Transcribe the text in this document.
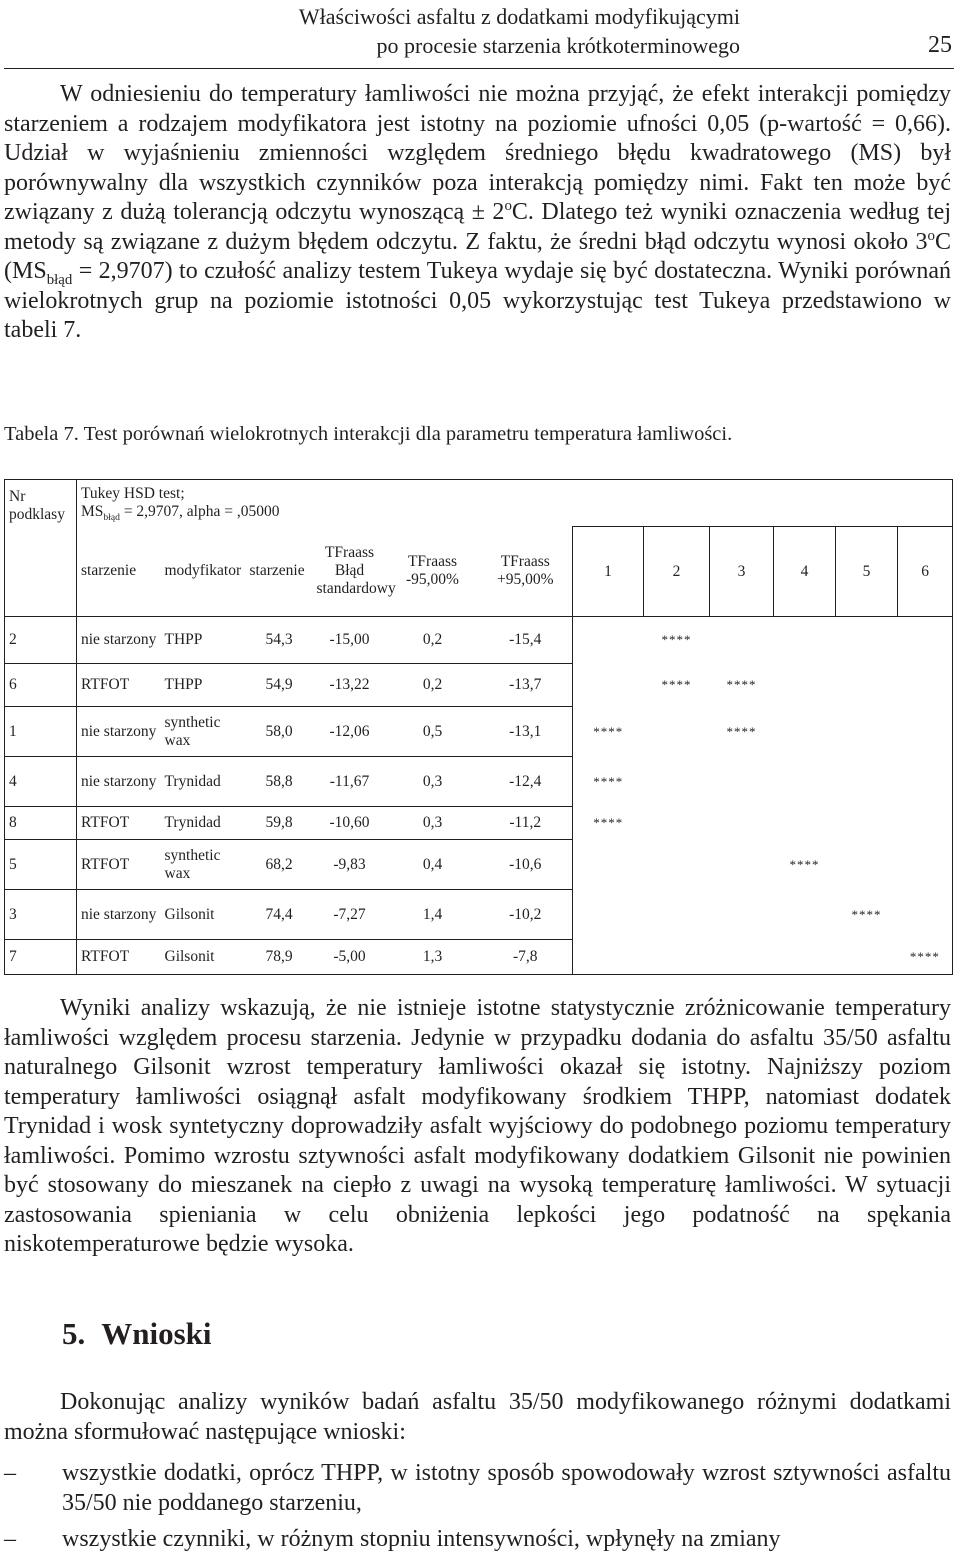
Właściwości asfaltu z dodatkami modyfikującymi
po procesie starzenia krótkoterminowego	25

W odniesieniu do temperatury łamliwości nie można przyjąć, że efekt interakcji pomiędzy starzeniem a rodzajem modyfikatora jest istotny na poziomie ufności 0,05 (p-wartość = 0,66). Udział w wyjaśnieniu zmienności względem średniego błędu kwadratowego (MS) był porównywalny dla wszystkich czynników poza interakcją pomiędzy nimi. Fakt ten może być związany z dużą tolerancją odczytu wynoszącą ± $2^oC$. Dlatego też wyniki oznaczenia według tej metody są związane z dużym błędem odczytu. Z faktu, że średni błąd odczytu wynosi około 3$^o$C $(MS_{błąd} = 2,9707)$ to czułość analizy testem Tukeya wydaje się być dostateczna. Wyniki porównań wielokrotnych grup na poziomie istotności 0,05 wykorzystując test Tukeya przedstawiono w tabeli 7.

Tabela 7. Test porównań wielokrotnych interakcji dla parametru temperatura łamliwości.
Nr podklasy	Tukey HSD test;
$MS_{błąd} = 2,9707$, alpha = ,05000											

	starzenie	modyfikator	starzenie	TFraass Błąd standardowy	TFraass -95,00%	TFraass +95,00%	1	2	3	4	5	6
2	nie starzony	THPP	54,3	-15,00	0,2	-15,4		****				
6	RTFOT	THPP	54,9	-13,22	0,2	-13,7		****	****			
1	nie starzony	synthetic wax	58,0	-12,06	0,5	-13,1	****		****			
4	nie starzony	Trynidad	58,8	-11,67	0,3	-12,4	****					
8	RTFOT	Trynidad	59,8	-10,60	0,3	-11,2	****					
5	RTFOT	synthetic wax	68,2	-9,83	0,4	-10,6				****		
3	nie starzony	Gilsonit	74,4	-7,27	1,4	-10,2					****	
7	RTFOT	Gilsonit	78,9	-5,00	1,3	-7,8						****

Wyniki analizy wskazują, że nie istnieje istotne statystycznie zróżnicowanie temperatury łamliwości względem procesu starzenia. Jedynie w przypadku dodania do asfaltu 35/50 asfaltu naturalnego Gilsonit wzrost temperatury łamliwości okazał się istotny. Najniższy poziom temperatury łamliwości osiągnął asfalt modyfikowany środkiem THPP, natomiast dodatek Trynidad i wosk syntetyczny doprowadziły asfalt wyjściowy do podobnego poziomu temperatury łamliwości. Pomimo wzrostu sztywności asfalt modyfikowany dodatkiem Gilsonit nie powinien być stosowany do mieszanek na ciepło z uwagi na wysoką temperaturę łamliwości. W sytuacji zastosowania spieniania w celu obniżenia lepkości jego podatność na spękania niskotemperaturowe będzie wysoka.

5. Wnioski

Dokonując analizy wyników badań asfaltu 35/50 modyfikowanego różnymi dodatkami można sformułować następujące wnioski:

– wszystkie dodatki, oprócz THPP, w istotny sposób spowodowały wzrost sztywności asfaltu 35/50 nie poddanego starzeniu,
– wszystkie czynniki, w różnym stopniu intensywności, wpłynęły na zmiany
